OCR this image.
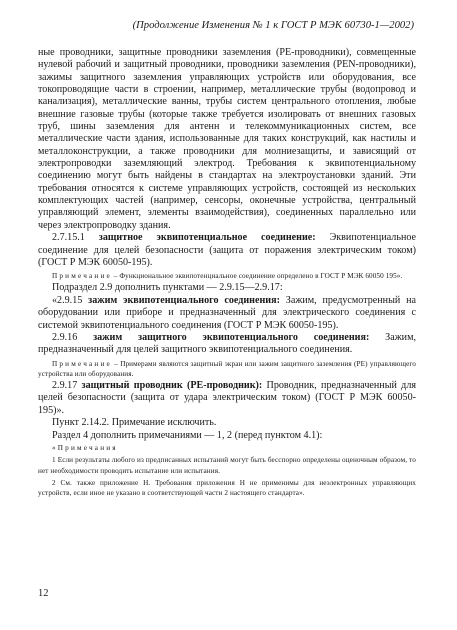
(Продолжение Изменения № 1 к ГОСТ Р МЭК 60730-1—2002)

ные проводники, защитные проводники заземления (PE-проводники), совмещенные нулевой рабочий и защитный проводники, проводники заземления (PEN-проводники), зажимы защитного заземления управляющих устройств или оборудования, все токопроводящие части в строении, например, металлические трубы (водопровод и канализация), металлические ванны, трубы систем центрального отопления, любые внешние газовые трубы (которые также требуется изолировать от внешних газовых труб, шины заземления для антенн и телекоммуникационных систем, все металлические части здания, использованные для таких конструкций, как настилы и металлоконструкции, а также проводники для молниезащиты, и зависящий от электропроводки заземляющий электрод. Требования к эквипотенциальному соединению могут быть найдены в стандартах на электроустановки зданий. Эти требования относятся к системе управляющих устройств, состоящей из нескольких комплектующих частей (например, сенсоры, оконечные устройства, центральный управляющий элемент, элементы взаимодействия), соединенных параллельно или через электропроводку здания.

2.7.15.1 защитное эквипотенциальное соединение: Эквипотенциальное соединение для целей безопасности (защита от поражения электрическим током) (ГОСТ Р МЭК 60050-195).

Примечание – Функциональное эквипотенциальное соединение определено в ГОСТ Р МЭК 60050 195».

Подраздел 2.9 дополнить пунктами — 2.9.15—2.9.17:

«2.9.15 зажим эквипотенциального соединения: Зажим, предусмотренный на оборудовании или приборе и предназначенный для электрического соединения с системой эквипотенциального соединения (ГОСТ Р МЭК 60050-195).

2.9.16 зажим защитного эквипотенциального соединения: Зажим, предназначенный для целей защитного эквипотенциального соединения.

Примечание – Примерами являются защитный экран или зажим защитного заземления (PE) управляющего устройства или оборудования.

2.9.17 защитный проводник (PE-проводник): Проводник, предназначенный для целей безопасности (защита от удара электрическим током) (ГОСТ Р МЭК 60050-195)».

Пункт 2.14.2. Примечание исключить.

Раздел 4 дополнить примечаниями — 1, 2 (перед пунктом 4.1):

«Примечания

1 Если результаты любого из предписанных испытаний могут быть бесспорно определены оценочным образом, то нет необходимости проводить испытание или испытания.

2 См. также приложение Н. Требования приложения Н не применимы для неэлектронных управляющих устройств, если иное не указано в соответствующей части 2 настоящего стандарта».

12
